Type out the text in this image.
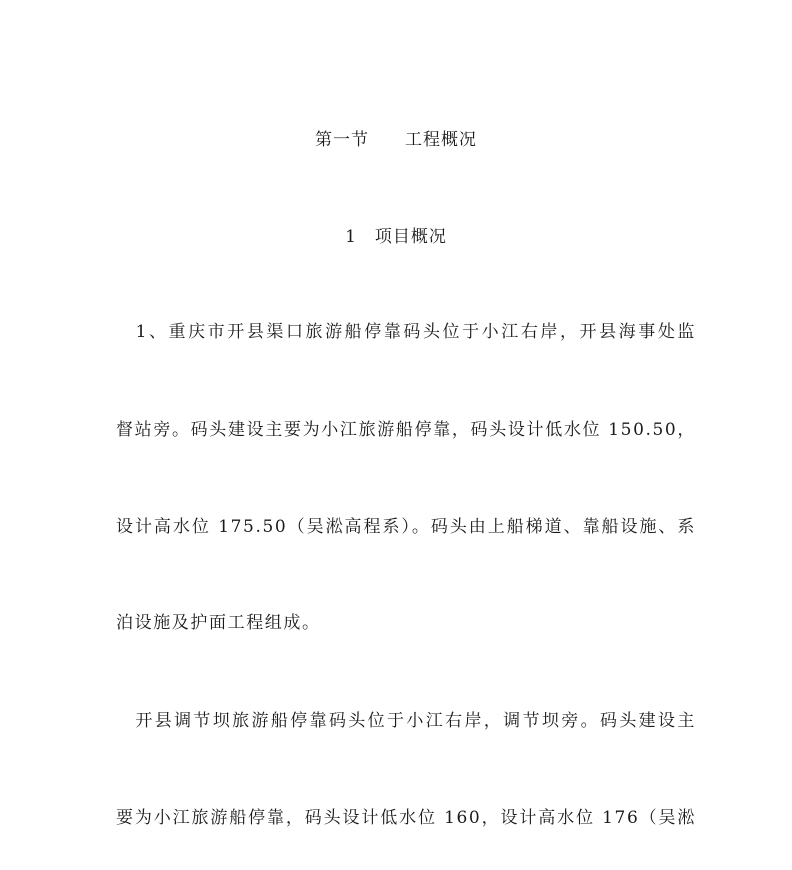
第一节　　工程概况
1　项目概况
　1、重庆市开县渠口旅游船停靠码头位于小江右岸，开县海事处监
督站旁。码头建设主要为小江旅游船停靠，码头设计低水位 150.50，
设计高水位 175.50（吴淞高程系）。码头由上船梯道、靠船设施、系
泊设施及护面工程组成。
　开县调节坝旅游船停靠码头位于小江右岸，调节坝旁。码头建设主
要为小江旅游船停靠，码头设计低水位 160，设计高水位 176（吴淞
